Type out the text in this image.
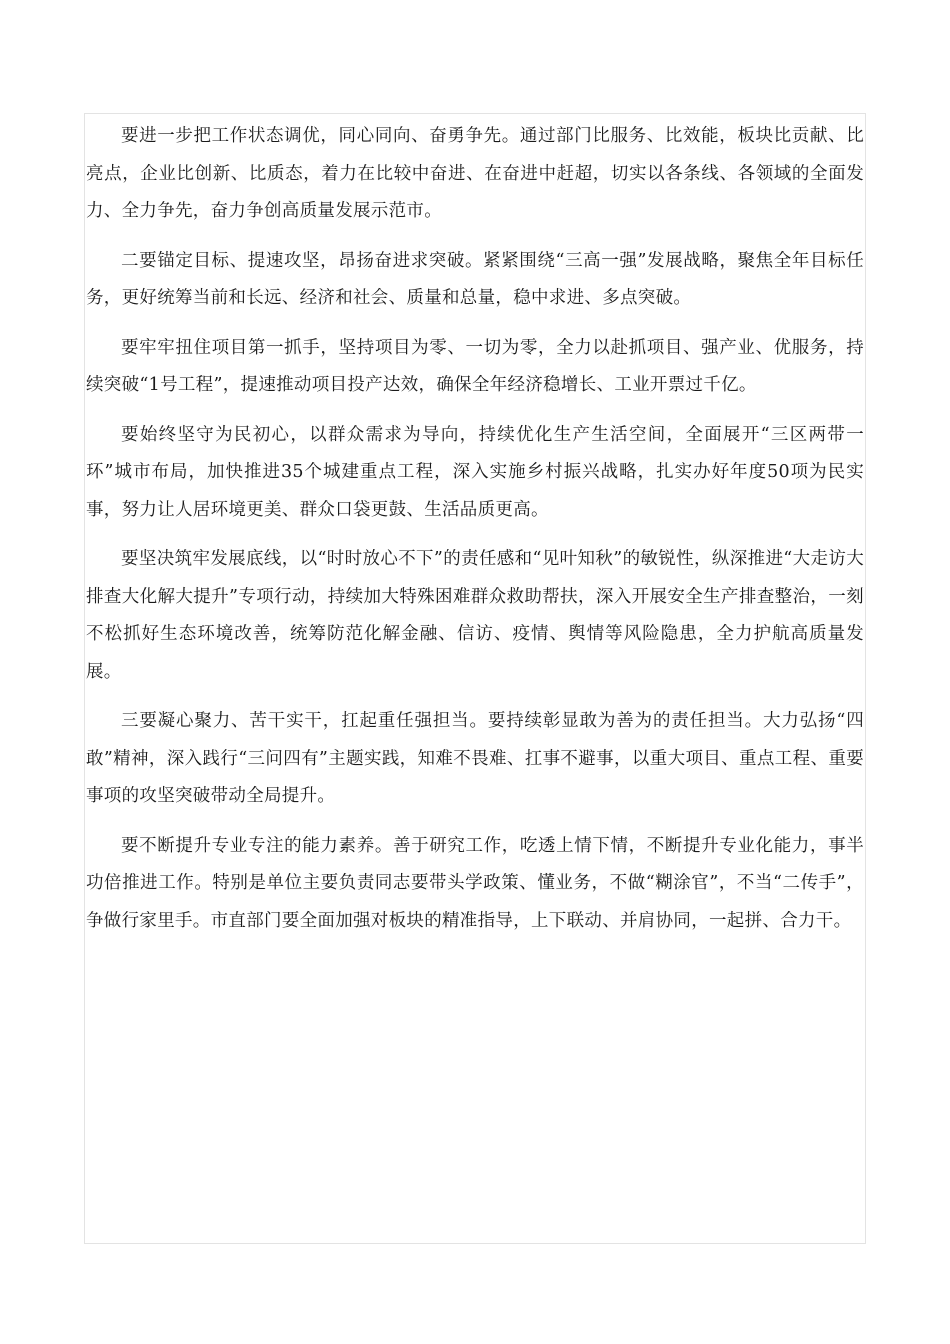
要进一步把工作状态调优，同心同向、奋勇争先。通过部门比服务、比效能，板块比贡献、比亮点，企业比创新、比质态，着力在比较中奋进、在奋进中赶超，切实以各条线、各领域的全面发力、全力争先，奋力争创高质量发展示范市。

二要锚定目标、提速攻坚，昂扬奋进求突破。紧紧围绕“三高一强”发展战略，聚焦全年目标任务，更好统筹当前和长远、经济和社会、质量和总量，稳中求进、多点突破。

要牢牢扭住项目第一抓手，坚持项目为零、一切为零，全力以赴抓项目、强产业、优服务，持续突破“1号工程”，提速推动项目投产达效，确保全年经济稳增长、工业开票过千亿。

要始终坚守为民初心，以群众需求为导向，持续优化生产生活空间，全面展开“三区两带一环”城市布局，加快推进35个城建重点工程，深入实施乡村振兴战略，扎实办好年度50项为民实事，努力让人居环境更美、群众口袋更鼓、生活品质更高。

要坚决筑牢发展底线，以“时时放心不下”的责任感和“见叶知秋”的敏锐性，纵深推进“大走访大排查大化解大提升”专项行动，持续加大特殊困难群众救助帮扶，深入开展安全生产排查整治，一刻不松抓好生态环境改善，统筹防范化解金融、信访、疫情、舆情等风险隐患，全力护航高质量发展。

三要凝心聚力、苦干实干，扛起重任强担当。要持续彰显敢为善为的责任担当。大力弘扬“四敢”精神，深入践行“三问四有”主题实践，知难不畏难、扛事不避事，以重大项目、重点工程、重要事项的攻坚突破带动全局提升。

要不断提升专业专注的能力素养。善于研究工作，吃透上情下情，不断提升专业化能力，事半功倍推进工作。特别是单位主要负责同志要带头学政策、懂业务，不做“糊涂官”，不当“二传手”，争做行家里手。市直部门要全面加强对板块的精准指导，上下联动、并肩协同，一起拼、合力干。
